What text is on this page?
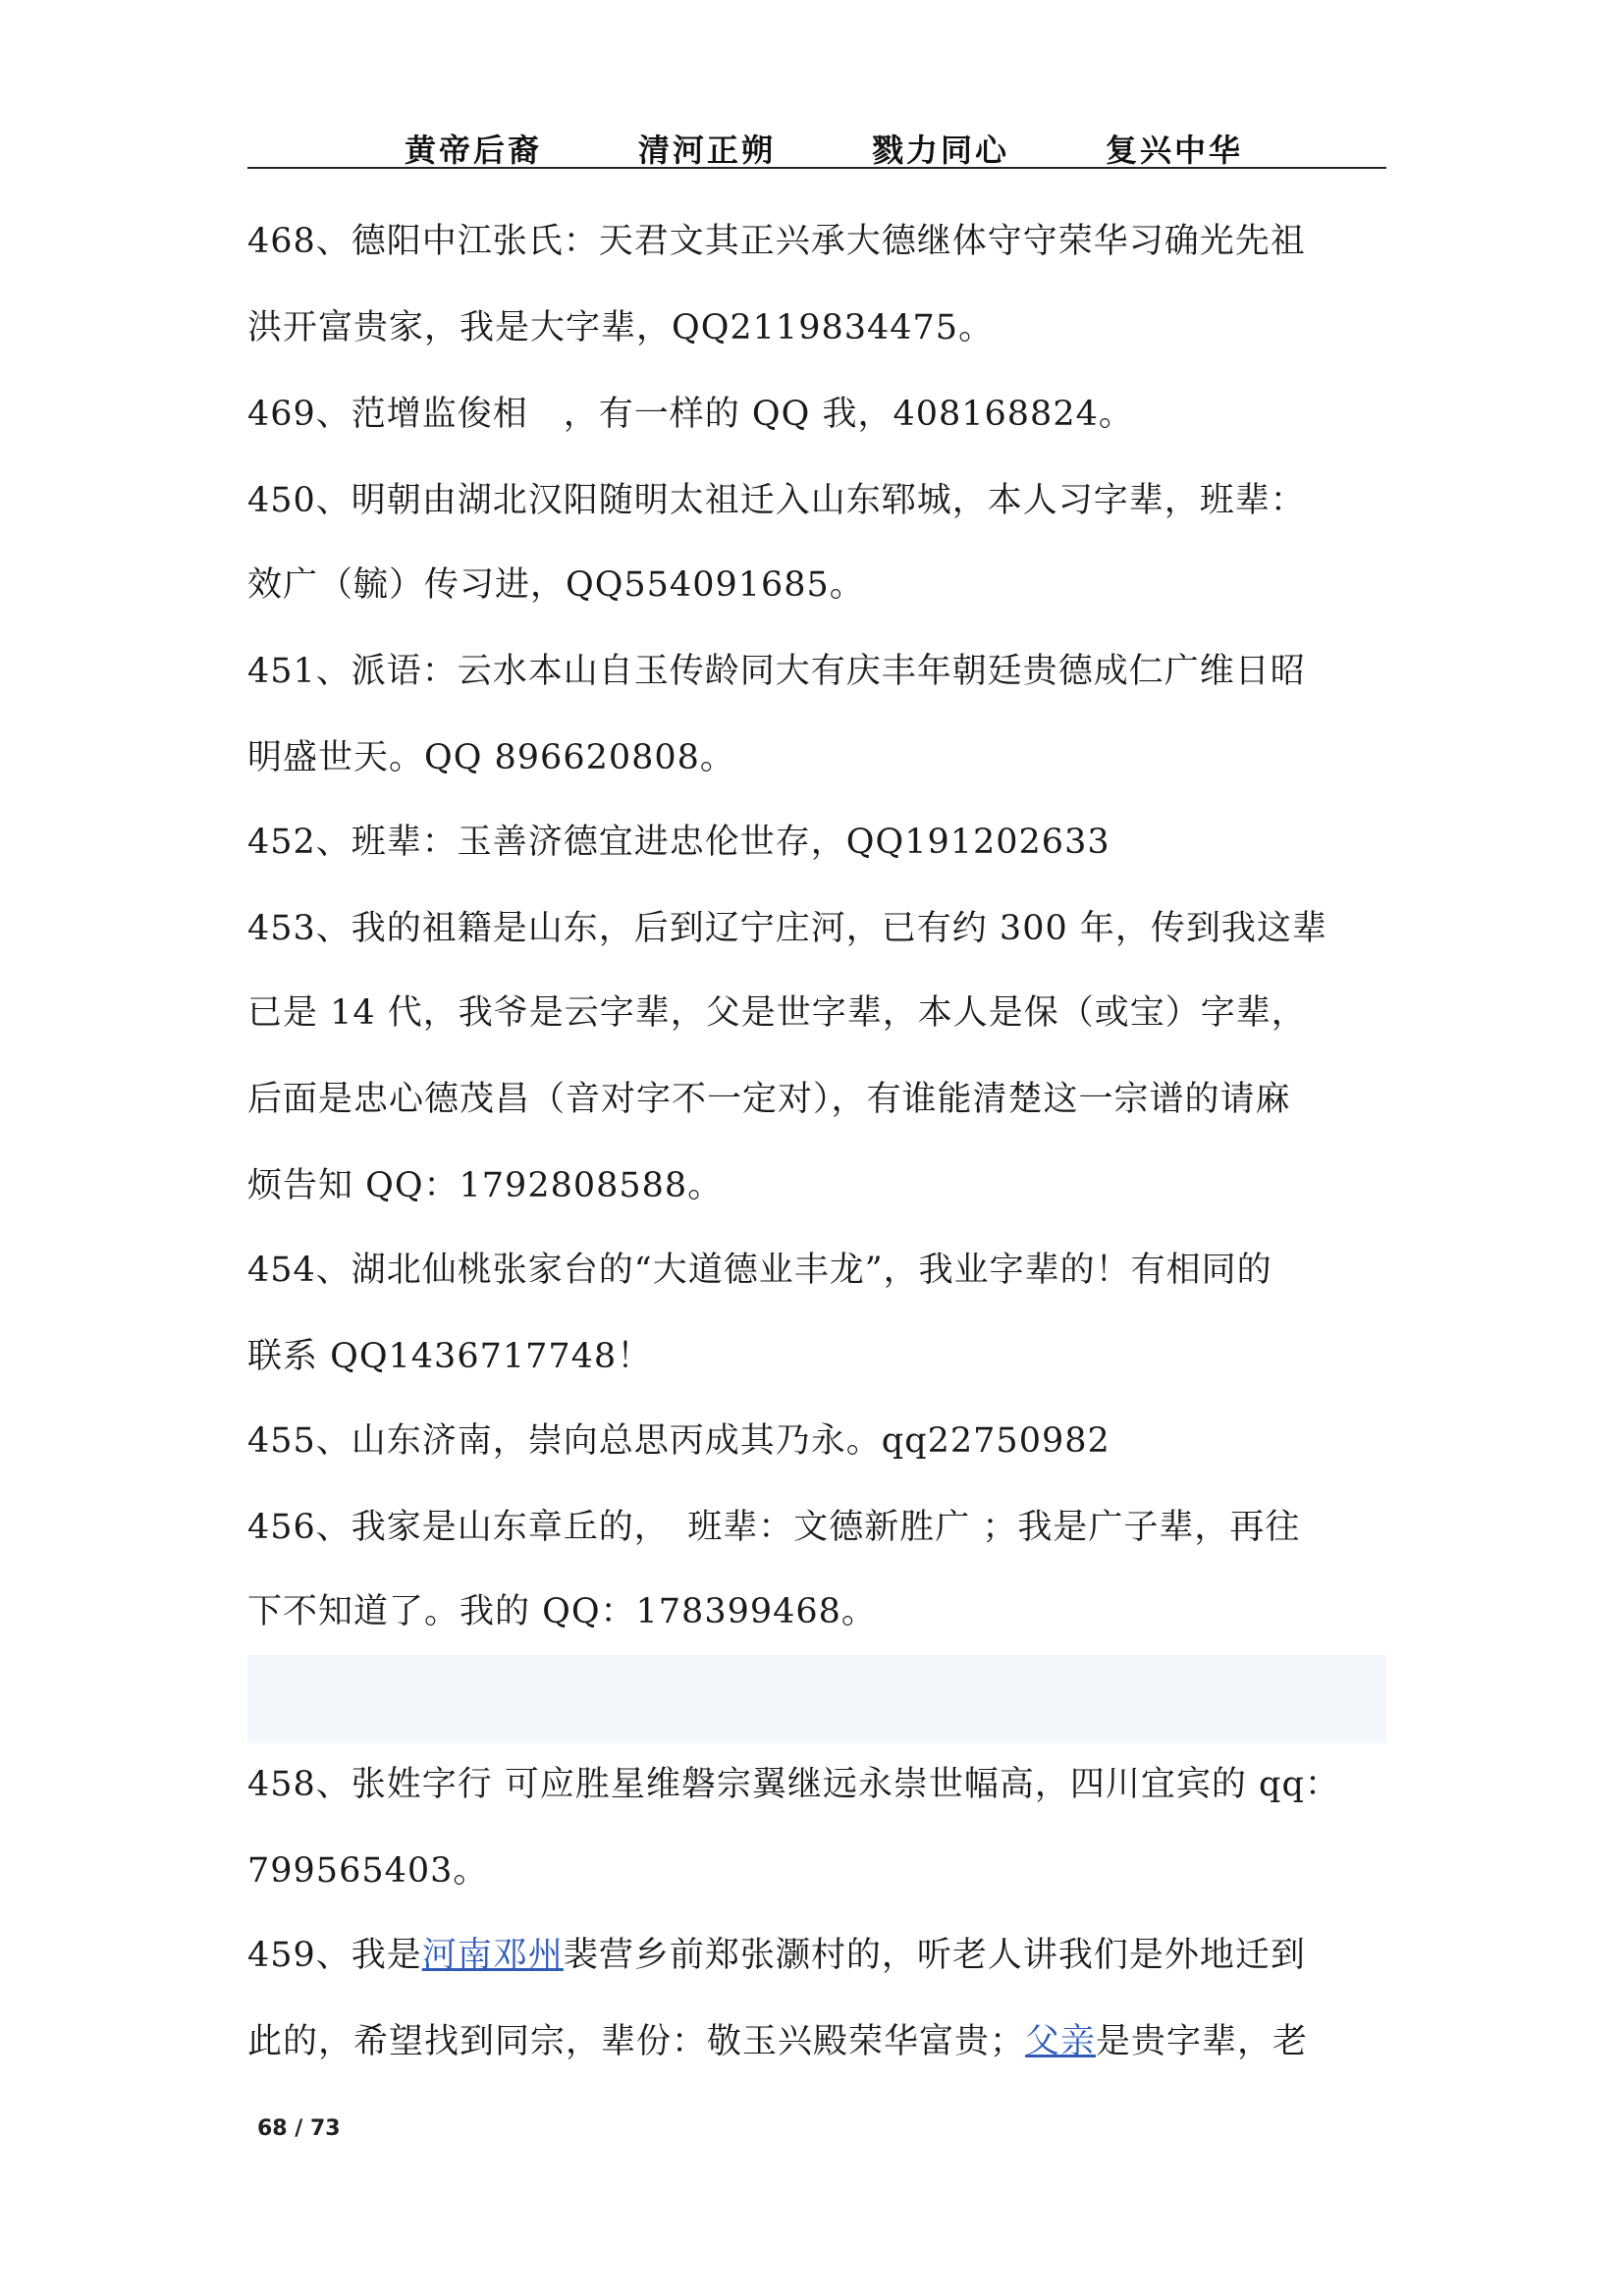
黄帝后裔	清河正朔	戮力同心	复兴中华
468、德阳中江张氏：天君文其正兴承大德继体守守荣华习确光先祖
洪开富贵家，我是大字辈，QQ2119834475。
469、范增监俊相　，有一样的 QQ 我，408168824。
450、明朝由湖北汉阳随明太祖迁入山东郓城，本人习字辈，班辈：
效广（毓）传习进，QQ554091685。
451、派语：云水本山自玉传龄同大有庆丰年朝廷贵德成仁广维日昭
明盛世天。QQ 896620808。
452、班辈：玉善济德宜进忠伦世存，QQ191202633
453、我的祖籍是山东，后到辽宁庄河，已有约 300 年，传到我这辈
已是 14 代，我爷是云字辈，父是世字辈，本人是保（或宝）字辈，
后面是忠心德茂昌（音对字不一定对），有谁能清楚这一宗谱的请麻
烦告知 QQ：1792808588。
454、湖北仙桃张家台的“大道德业丰龙”，我业字辈的！有相同的
联系 QQ1436717748！
455、山东济南，崇向总思丙成其乃永。qq22750982
456、我家是山东章丘的，　班辈：文德新胜广 ；我是广子辈，再往
下不知道了。我的 QQ：178399468。
458、张姓字行 可应胜星维磐宗翼继远永崇世幅高，四川宜宾的 qq：
799565403。
459、我是河南邓州裴营乡前郑张灏村的，听老人讲我们是外地迁到
此的，希望找到同宗，辈份：敬玉兴殿荣华富贵；父亲是贵字辈，老
68 / 73
